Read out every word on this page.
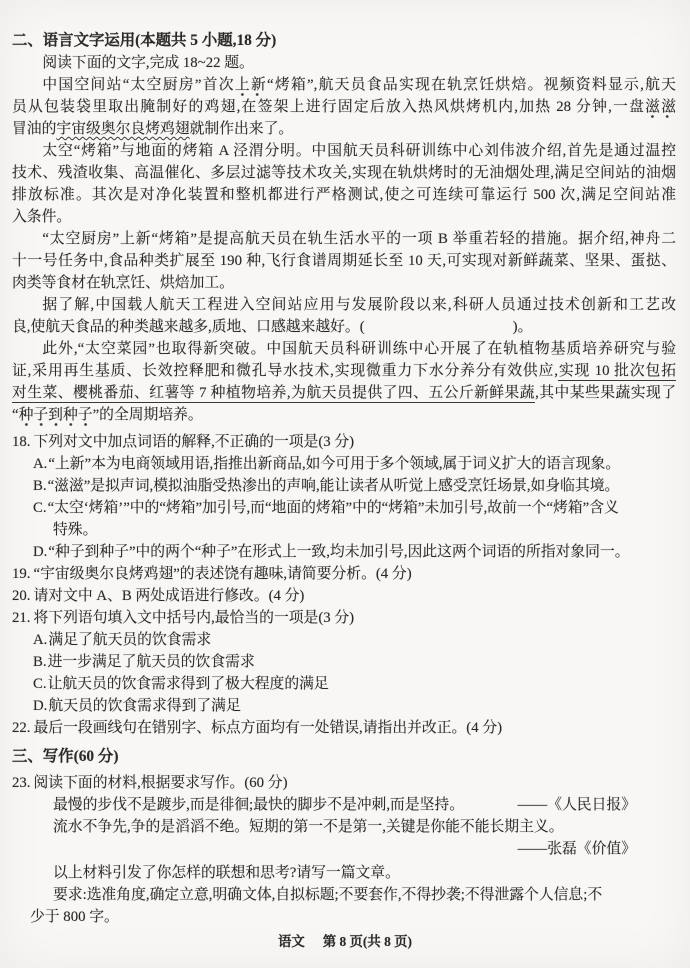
二、语言文字运用(本题共 5 小题,18 分)
阅读下面的文字,完成 18~22 题。
中国空间站“太空厨房”首次上新“烤箱”,航天员食品实现在轨烹饪烘焙。视频资料显示,航天
员从包装袋里取出腌制好的鸡翅,在签架上进行固定后放入热风烘烤机内,加热 28 分钟,一盘滋滋
冒油的宇宙级奥尔良烤鸡翅就制作出来了。
太空“烤箱”与地面的烤箱 A 泾渭分明。中国航天员科研训练中心刘伟波介绍,首先是通过温控
技术、残渣收集、高温催化、多层过滤等技术攻关,实现在轨烘烤时的无油烟处理,满足空间站的油烟
排放标准。其次是对净化装置和整机都进行严格测试,使之可连续可靠运行 500 次,满足空间站准
入条件。
“太空厨房”上新“烤箱”是提高航天员在轨生活水平的一项 B 举重若轻的措施。据介绍,神舟二
十一号任务中,食品种类扩展至 190 种,飞行食谱周期延长至 10 天,可实现对新鲜蔬菜、坚果、蛋挞、
肉类等食材在轨烹饪、烘焙加工。
据了解,中国载人航天工程进入空间站应用与发展阶段以来,科研人员通过技术创新和工艺改
良,使航天食品的种类越来越多,质地、口感越来越好。(	)。
此外,“太空菜园”也取得新突破。中国航天员科研训练中心开展了在轨植物基质培养研究与验
证,采用再生基质、长效控释肥和微孔导水技术,实现微重力下水分养分有效供应,实现 10 批次包拓
对生菜、樱桃番茄、红薯等 7 种植物培养,为航天员提供了四、五公斤新鲜果蔬,其中某些果蔬实现了
“种子到种子”的全周期培养。
18. 下列对文中加点词语的解释,不正确的一项是(3 分)
A.“上新”本为电商领域用语,指推出新商品,如今可用于多个领域,属于词义扩大的语言现象。
B.“滋滋”是拟声词,模拟油脂受热渗出的声响,能让读者从听觉上感受烹饪场景,如身临其境。
C.“太空‘烤箱’”中的“烤箱”加引号,而“地面的烤箱”中的“烤箱”未加引号,故前一个“烤箱”含义
特殊。
D.“种子到种子”中的两个“种子”在形式上一致,均未加引号,因此这两个词语的所指对象同一。
19. “宇宙级奥尔良烤鸡翅”的表述饶有趣味,请简要分析。(4 分)
20. 请对文中 A、B 两处成语进行修改。(4 分)
21. 将下列语句填入文中括号内,最恰当的一项是(3 分)
A.满足了航天员的饮食需求
B.进一步满足了航天员的饮食需求
C.让航天员的饮食需求得到了极大程度的满足
D.航天员的饮食需求得到了满足
22. 最后一段画线句在错别字、标点方面均有一处错误,请指出并改正。(4 分)
三、写作(60 分)
23. 阅读下面的材料,根据要求写作。(60 分)
最慢的步伐不是踱步,而是徘徊;最快的脚步不是冲刺,而是坚持。	——《人民日报》
流水不争先,争的是滔滔不绝。短期的第一不是第一,关键是你能不能长期主义。
——张磊《价值》
以上材料引发了你怎样的联想和思考?请写一篇文章。
要求:选准角度,确定立意,明确文体,自拟标题;不要套作,不得抄袭;不得泄露个人信息;不
少于 800 字。
语文 第 8 页(共 8 页)
